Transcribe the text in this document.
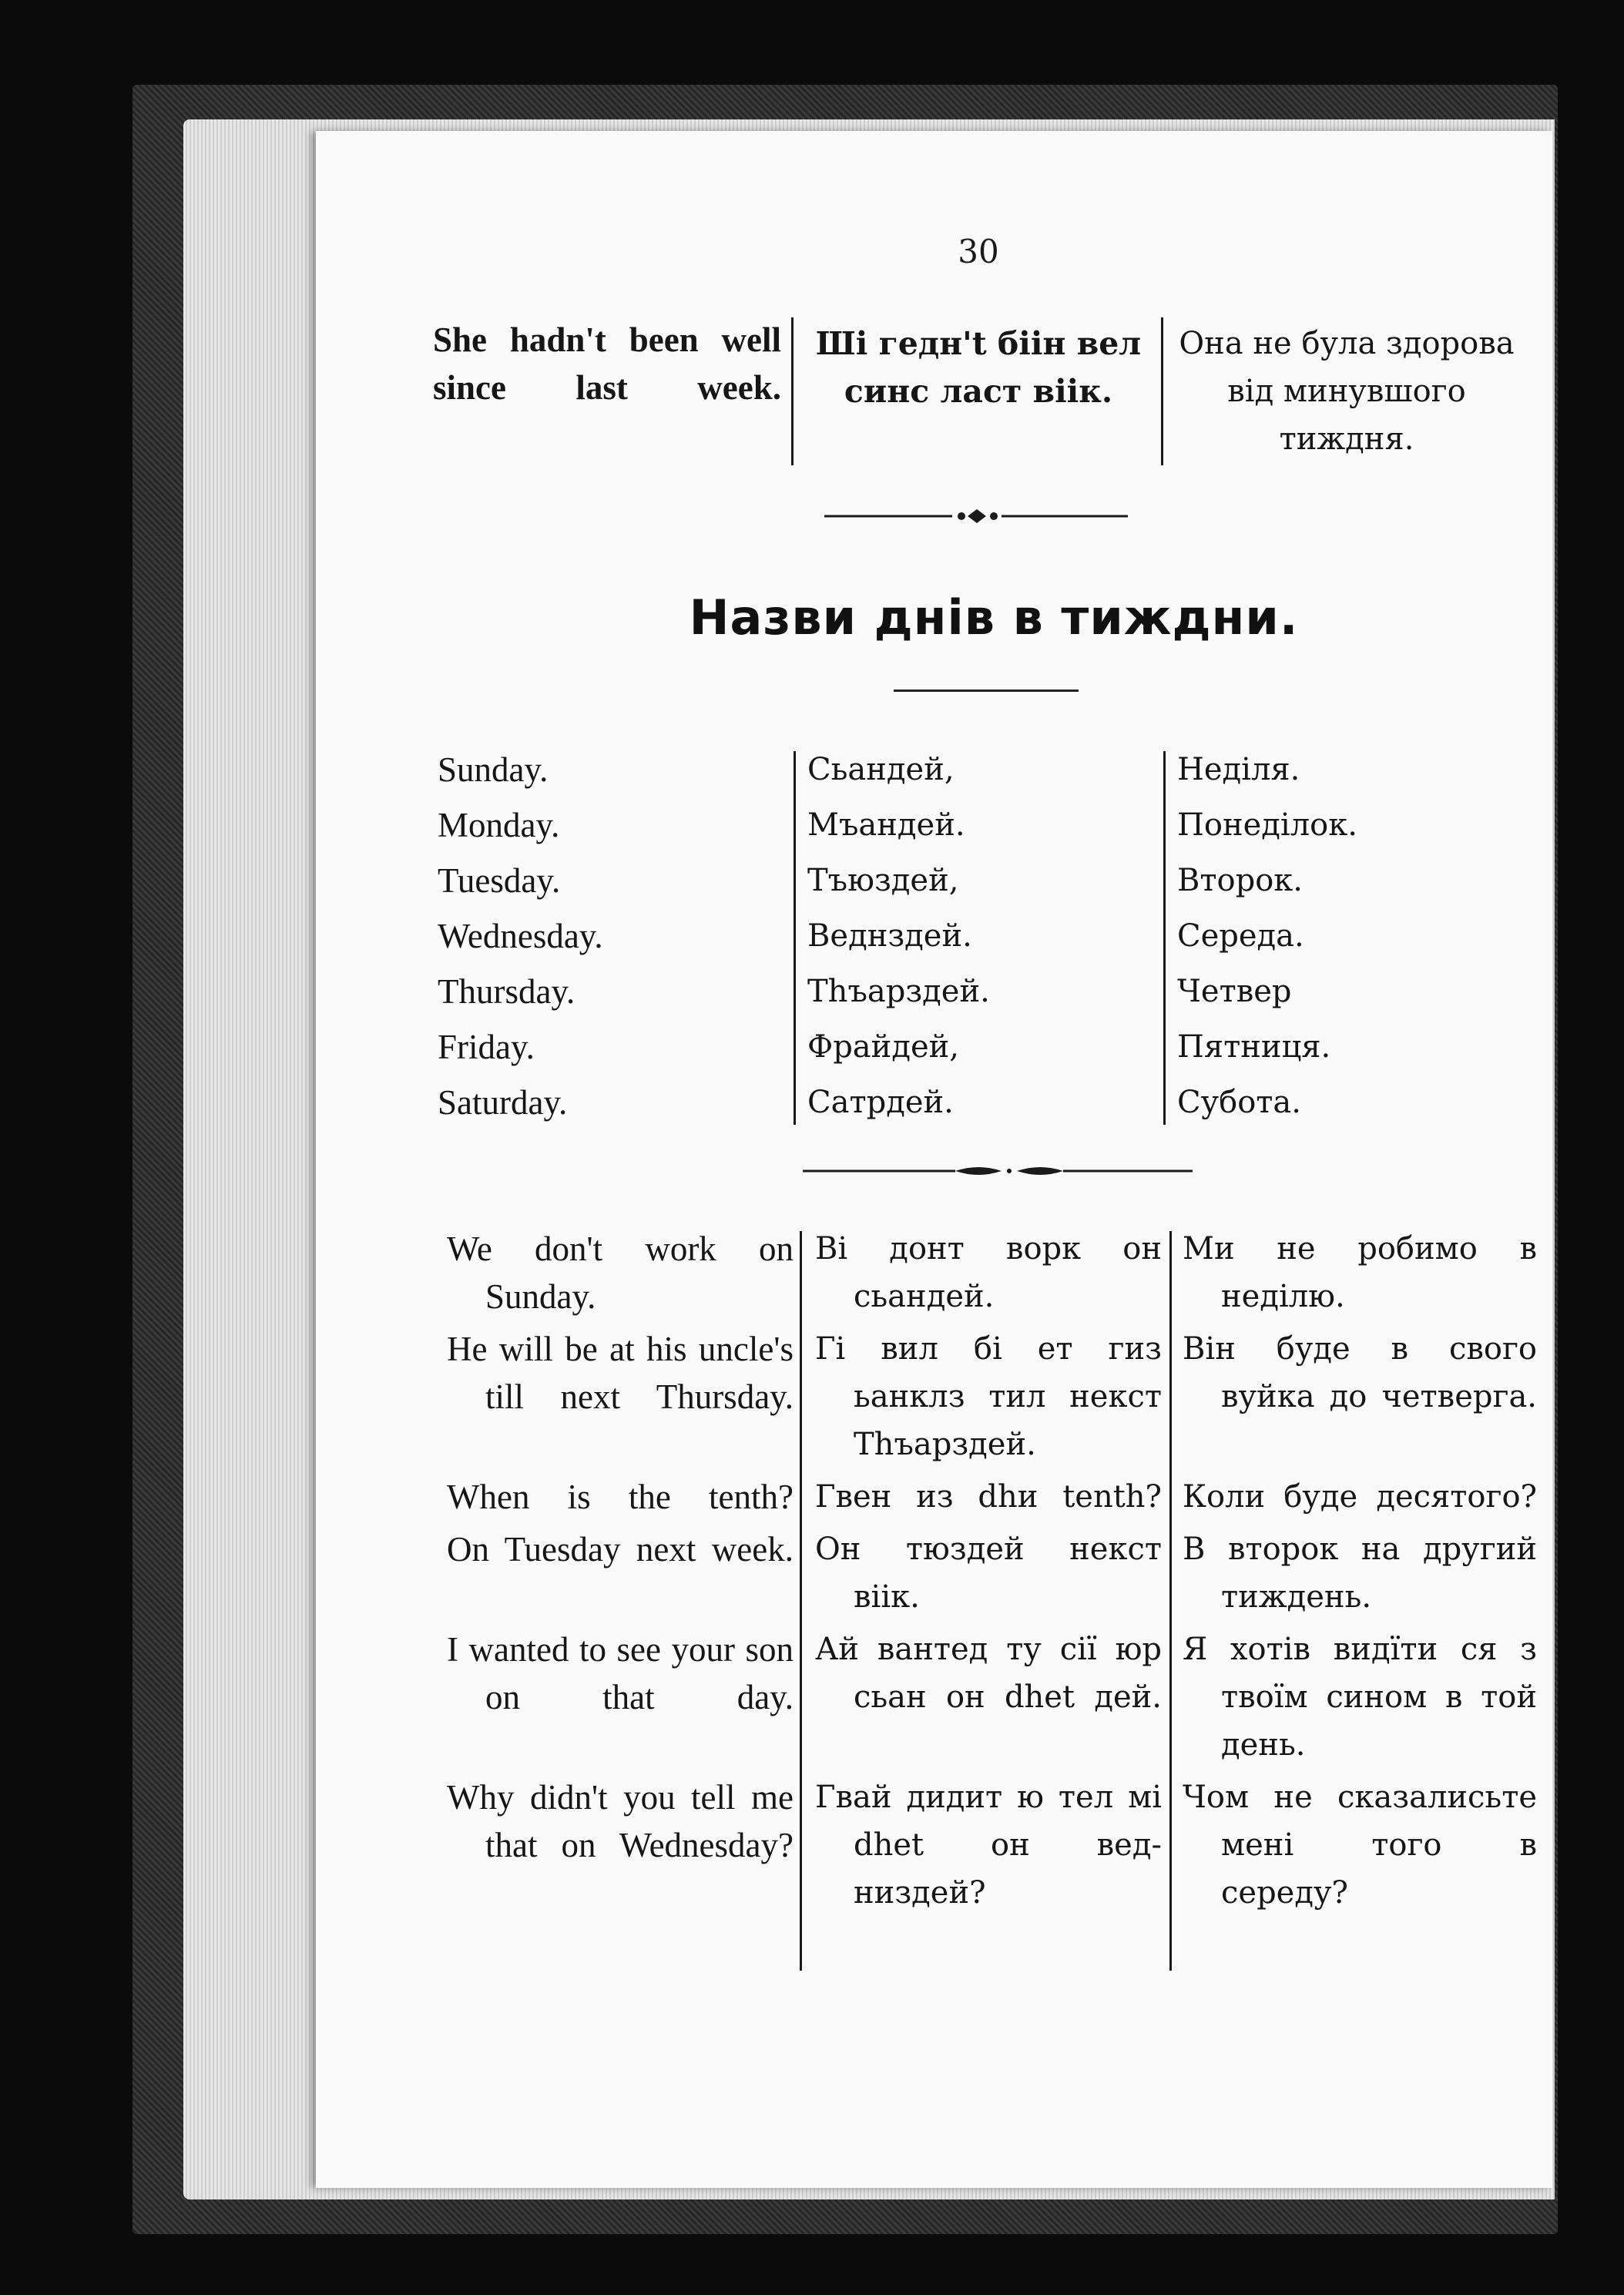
30
She hadn't been well since last week.
Ші гедн't біін вел синс ласт віік.
Она не була здорова від минувшого тиждня.
Назви днів в тиждни.
Sunday.
Monday.
Tuesday.
Wednesday.
Thursday.
Friday.
Saturday.
Сьандей,
Мъандей.
Тъюздей,
Веднздей.
Тhъарздей.
Фрайдей,
Сатрдей.
Неділя.
Понеділок.
Второк.
Середа.
Четвер
Пятниця.
Субота.
We don't work on Sunday.
He will be at his uncle's till next Thursday.
When is the tenth?
On Tuesday next week.
I wanted to see your son on that day.
Why didn't you tell me that on Wednesday?
Ві донт ворк он сьандей.
Гі вил бі ет гиз ьанклз тил некст Тhъарздей.
Гвен из dhи tenth?
Он тюздей некст віік.
Ай вантед ту сії юр сьан он dhet дей.
Гвай дидит ю тел мі dhet он ведниздей?
Ми не робимо в неділю.
Він буде в свого вуйка до четверга.
Коли буде десятого?
В второк на другий тиждень.
Я хотів видїти ся з твоїм сином в той день.
Чом не сказалисьте мені того в середу?
